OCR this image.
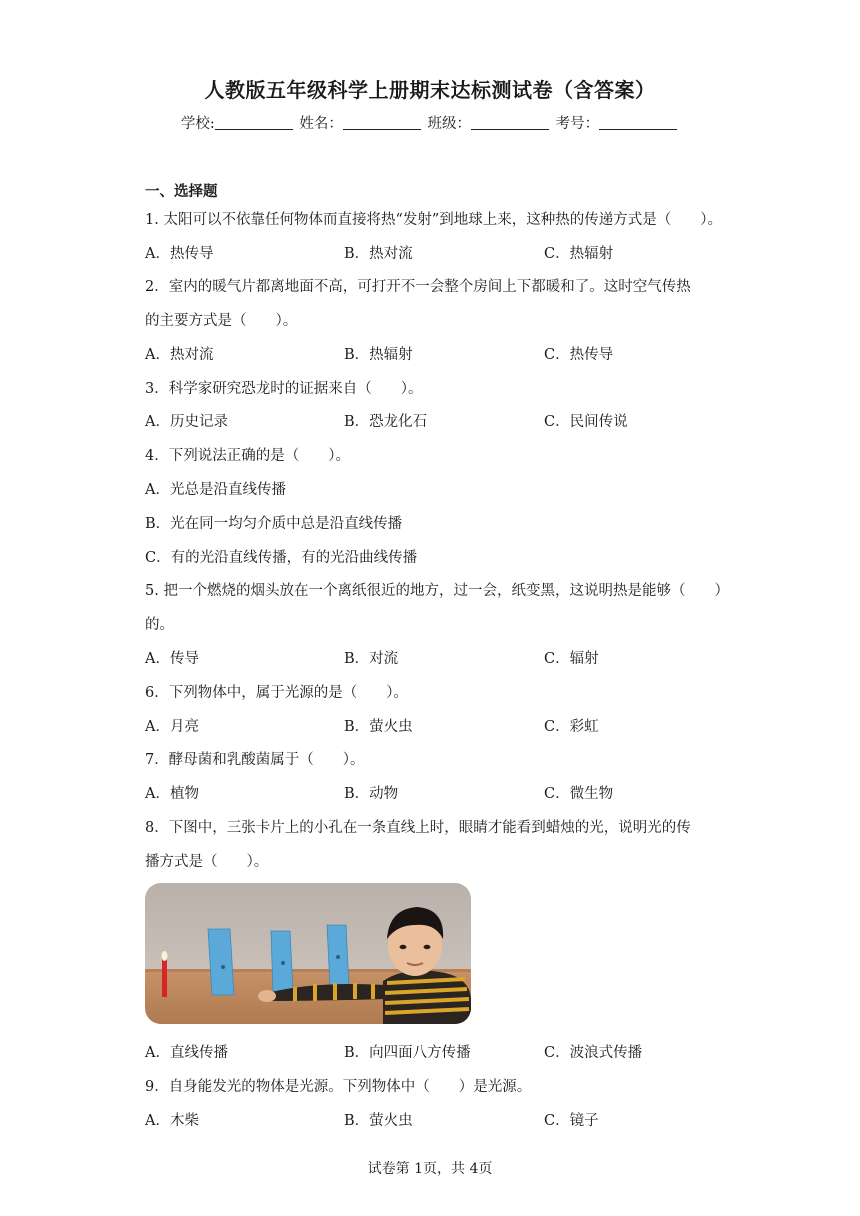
人教版五年级科学上册期末达标测试卷（含答案）
学校:	姓名：	班级：	考号：
一、选择题
1. 太阳可以不依靠任何物体而直接将热“发射”到地球上来，这种热的传递方式是（　　）。
A．热传导	B．热对流	C．热辐射
2．室内的暖气片都离地面不高，可打开不一会整个房间上下都暖和了。这时空气传热
的主要方式是（　　）。
A．热对流	B．热辐射	C．热传导
3．科学家研究恐龙时的证据来自（　　）。
A．历史记录	B．恐龙化石	C．民间传说
4．下列说法正确的是（　　）。
A．光总是沿直线传播
B．光在同一均匀介质中总是沿直线传播
C．有的光沿直线传播，有的光沿曲线传播
5. 把一个燃烧的烟头放在一个离纸很近的地方，过一会，纸变黑，这说明热是能够（　　）
的。
A．传导	B．对流	C．辐射
6．下列物体中，属于光源的是（　　）。
A．月亮	B．萤火虫	C．彩虹
7．酵母菌和乳酸菌属于（　　）。
A．植物	B．动物	C．微生物
8．下图中，三张卡片上的小孔在一条直线上时，眼睛才能看到蜡烛的光，说明光的传
播方式是（　　）。
A．直线传播	B．向四面八方传播	C．波浪式传播
9．自身能发光的物体是光源。下列物体中（　　）是光源。
A．木柴	B．萤火虫	C．镜子
试卷第 1页，共 4页
